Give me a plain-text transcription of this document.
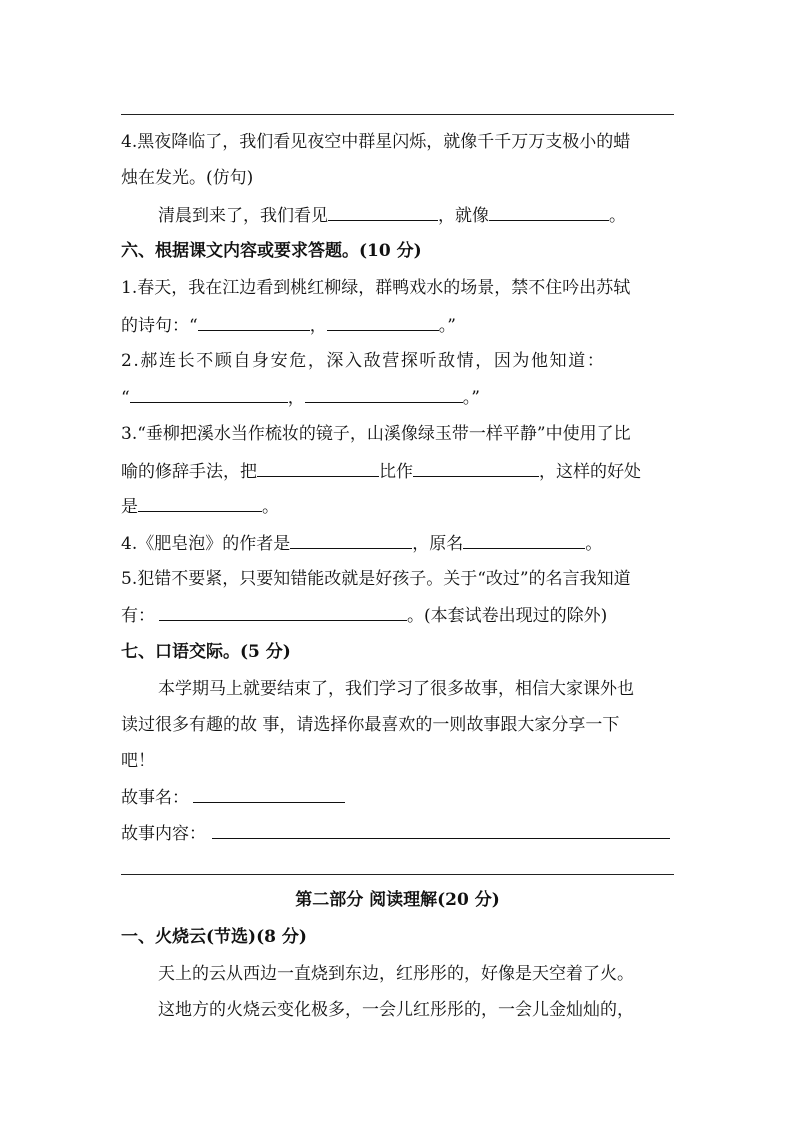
4.黑夜降临了，我们看见夜空中群星闪烁，就像千千万万支极小的蜡
烛在发光。(仿句)
清晨到来了，我们看见	，就像	。
六、根据课文内容或要求答题。(10 分)
1.春天，我在江边看到桃红柳绿，群鸭戏水的场景，禁不住吟出苏轼
的诗句：“	，	。”
2.郝连长不顾自身安危，深入敌营探听敌情，因为他知道：
“	，	。”
3.“垂柳把溪水当作梳妆的镜子，山溪像绿玉带一样平静”中使用了比
喻的修辞手法，把	比作	，这样的好处
是	。
4.《肥皂泡》的作者是	，原名	。
5.犯错不要紧，只要知错能改就是好孩子。关于“改过”的名言我知道
有：	。(本套试卷出现过的除外)
七、口语交际。(5 分)
本学期马上就要结束了，我们学习了很多故事，相信大家课外也
读过很多有趣的故 事，请选择你最喜欢的一则故事跟大家分享一下
吧！
故事名：
故事内容：
第二部分 阅读理解(20 分)
一、火烧云(节选)(8 分)
天上的云从西边一直烧到东边，红彤彤的，好像是天空着了火。
这地方的火烧云变化极多，一会儿红彤彤的，一会儿金灿灿的，
